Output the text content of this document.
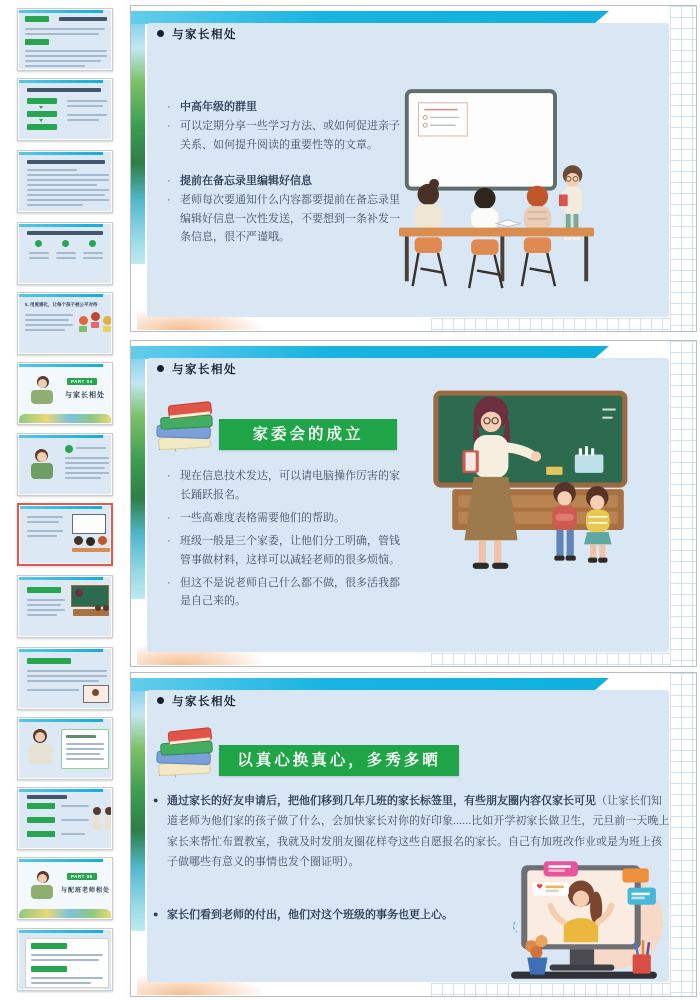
5. 用爱感化，让每个孩子被公平对待
PART 04
与家长相处
PART 05
与配班老师相处
与家长相处
· 中高年级的群里
· 可以定期分享一些学习方法、或如何促进亲子关系、如何提升阅读的重要性等的文章。
· 提前在备忘录里编辑好信息
· 老师每次要通知什么内容都要提前在备忘录里编辑好信息一次性发送，不要想到一条补发一条信息，很不严谨哦。
与家长相处
家委会的成立
· 现在信息技术发达，可以请电脑操作厉害的家长踊跃报名。
· 一些高难度表格需要他们的帮助。
· 班级一般是三个家委，让他们分工明确，管钱管事做材料，这样可以减轻老师的很多烦恼。
· 但这不是说老师自己什么都不做，很多活我都是自己来的。
与家长相处
以真心换真心，多秀多晒
● 通过家长的好友申请后，把他们移到几年几班的家长标签里，有些朋友圈内容仅家长可见（让家长们知道老师为他们家的孩子做了什么，会加快家长对你的好印象......比如开学初家长做卫生，元旦前一天晚上家长来帮忙布置教室，我就及时发朋友圈花样夸这些自愿报名的家长。自己有加班改作业或是为班上孩子做哪些有意义的事情也发个圈证明）。
● 家长们看到老师的付出，他们对这个班级的事务也更上心。
